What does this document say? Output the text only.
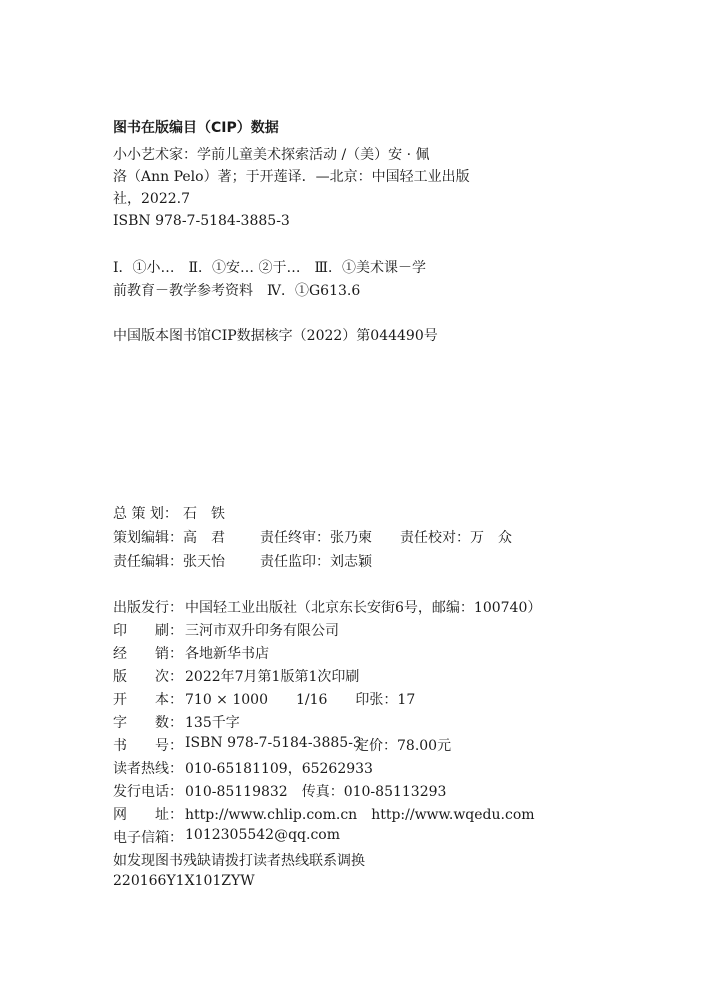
图书在版编目（CIP）数据
小小艺术家：学前儿童美术探索活动 /（美）安 · 佩
洛（Ann Pelo）著；于开莲译．—北京：中国轻工业出版
社，2022.7
ISBN 978-7-5184-3885-3
Ⅰ．①小…　Ⅱ．①安… ②于…　Ⅲ．①美术课－学
前教育－教学参考资料　Ⅳ．①G613.6
中国版本图书馆CIP数据核字（2022）第044490号
总 策 划： 石　铁
策划编辑： 高　君	责任终审： 张乃柬 责任校对： 万　众
责任编辑： 张天怡	责任监印： 刘志颖
出版发行： 中国轻工业出版社（北京东长安街6号，邮编：100740）
印　　刷： 三河市双升印务有限公司
经　　销： 各地新华书店
版　　次： 2022年7月第1版第1次印刷
开　　本： 710 × 1000　　1/16　　印张：17
字　　数： 135千字
书　　号： ISBN 978-7-5184-3885-3
定价：78.00元
读者热线： 010-65181109，65262933
发行电话： 010-85119832　传真：010-85113293
网　　址： http://www.chlip.com.cn　http://www.wqedu.com
电子信箱： 1012305542@qq.com
如发现图书残缺请拨打读者热线联系调换
220166Y1X101ZYW
